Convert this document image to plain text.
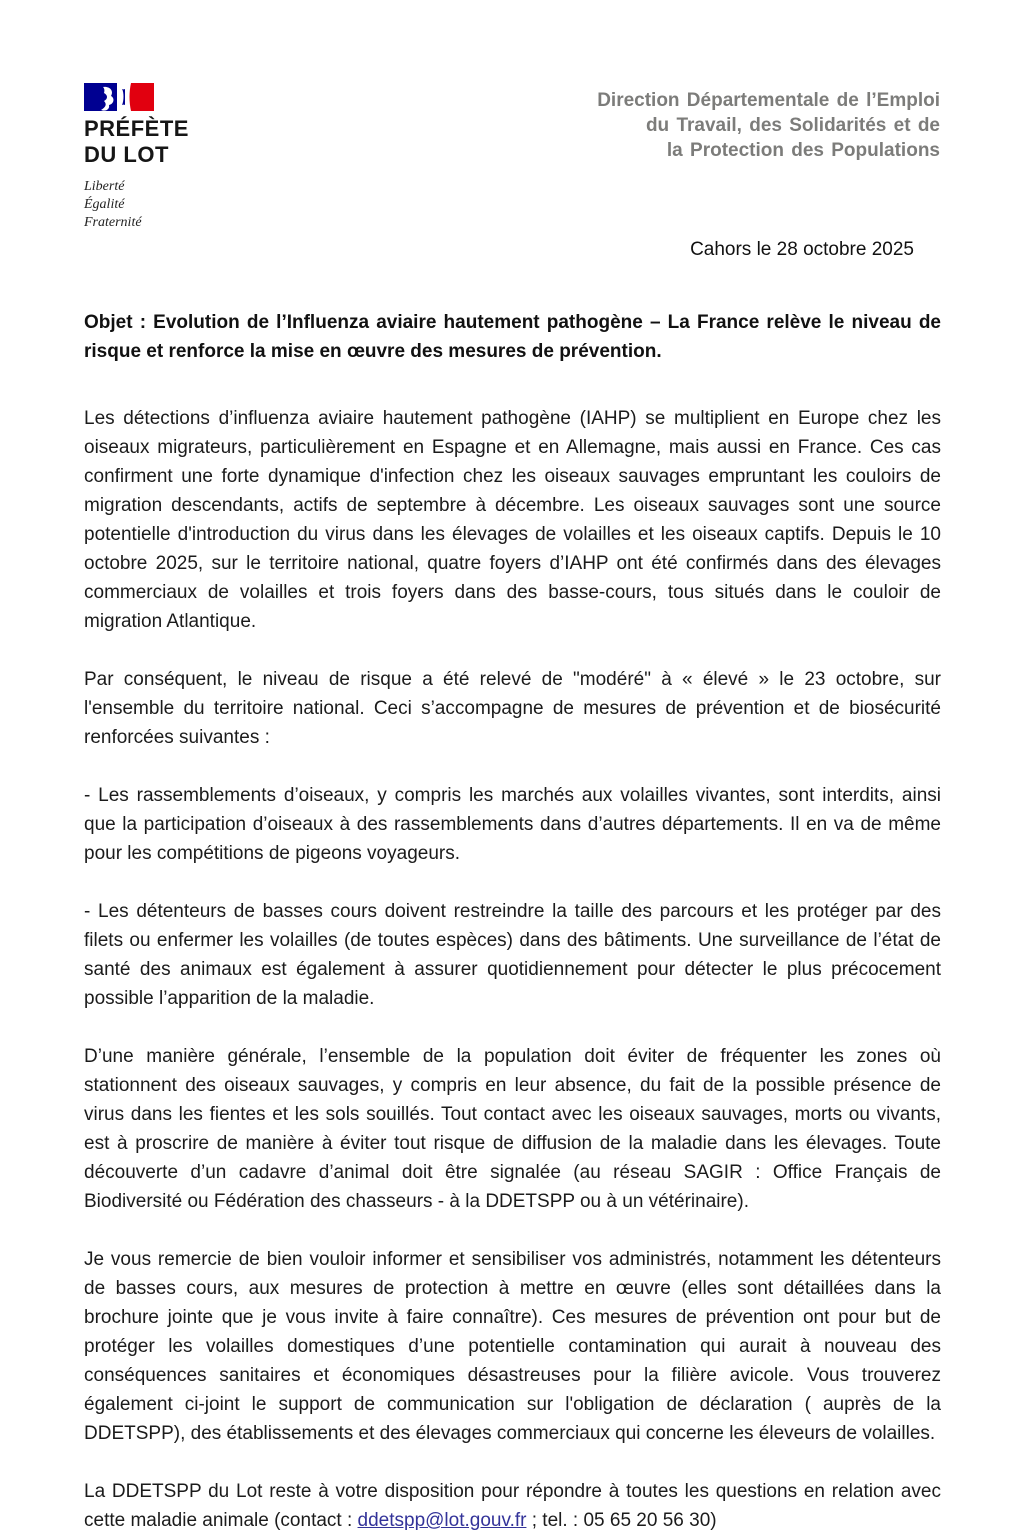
PRÉFÈTE
DU LOT
Liberté
Égalité
Fraternité
Direction Départementale de l’Emploi
du Travail, des Solidarités et de
la Protection des Populations
Cahors le 28 octobre 2025

Objet : Evolution de l’Influenza aviaire hautement pathogène – La France relève le niveau de risque et renforce la mise en œuvre des mesures de prévention.

Les détections d’influenza aviaire hautement pathogène (IAHP) se multiplient en Europe chez les oiseaux migrateurs, particulièrement en Espagne et en Allemagne, mais aussi en France. Ces cas confirment une forte dynamique d'infection chez les oiseaux sauvages empruntant les couloirs de migration descendants, actifs de septembre à décembre. Les oiseaux sauvages sont une source potentielle d'introduction du virus dans les élevages de volailles et les oiseaux captifs. Depuis le 10 octobre 2025, sur le territoire national, quatre foyers d’IAHP ont été confirmés dans des élevages commerciaux de volailles et trois foyers dans des basse-cours, tous situés dans le couloir de migration Atlantique.

Par conséquent, le niveau de risque a été relevé de "modéré" à « élevé » le 23 octobre, sur l'ensemble du territoire national. Ceci s’accompagne de mesures de prévention et de biosécurité renforcées suivantes :

- Les rassemblements d’oiseaux, y compris les marchés aux volailles vivantes, sont interdits, ainsi que la participation d’oiseaux à des rassemblements dans d’autres départements. Il en va de même pour les compétitions de pigeons voyageurs.

- Les détenteurs de basses cours doivent restreindre la taille des parcours et les protéger par des filets ou enfermer les volailles (de toutes espèces) dans des bâtiments. Une surveillance de l’état de santé des animaux est également à assurer quotidiennement pour détecter le plus précocement possible l’apparition de la maladie.

D’une manière générale, l’ensemble de la population doit éviter de fréquenter les zones où stationnent des oiseaux sauvages, y compris en leur absence, du fait de la possible présence de virus dans les fientes et les sols souillés. Tout contact avec les oiseaux sauvages, morts ou vivants, est à proscrire de manière à éviter tout risque de diffusion de la maladie dans les élevages. Toute découverte d’un cadavre d’animal doit être signalée (au réseau SAGIR : Office Français de Biodiversité ou Fédération des chasseurs - à la DDETSPP ou à un vétérinaire).

Je vous remercie de bien vouloir informer et sensibiliser vos administrés, notamment les détenteurs de basses cours, aux mesures de protection à mettre en œuvre (elles sont détaillées dans la brochure jointe que je vous invite à faire connaître). Ces mesures de prévention ont pour but de protéger les volailles domestiques d’une potentielle contamination qui aurait à nouveau des conséquences sanitaires et économiques désastreuses pour la filière avicole. Vous trouverez également ci-joint le support de communication sur l'obligation de déclaration ( auprès de la DDETSPP), des établissements et des élevages commerciaux qui concerne les éleveurs de volailles.

La DDETSPP du Lot reste à votre disposition pour répondre à toutes les questions en relation avec cette maladie animale (contact : ddetspp@lot.gouv.fr ; tel. : 05 65 20 56 30)
